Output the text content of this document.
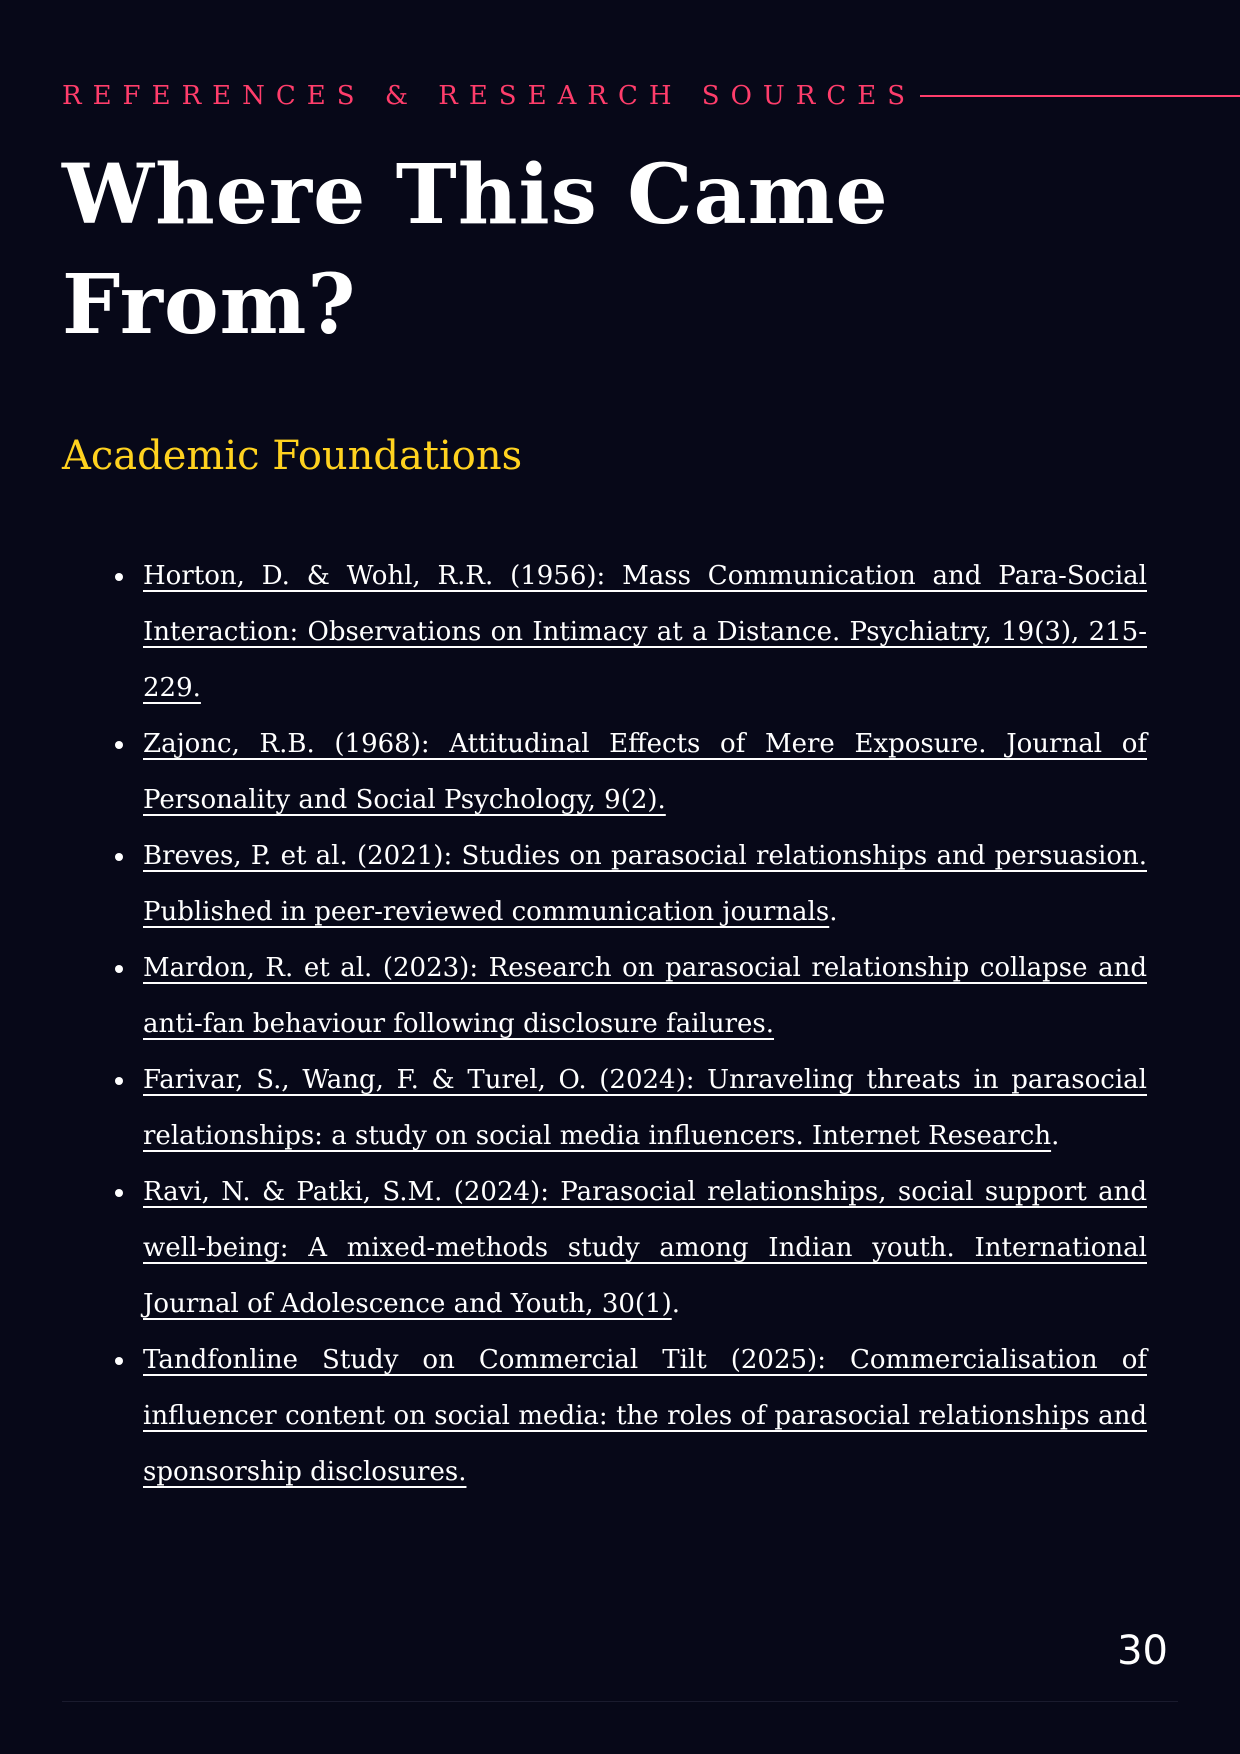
REFERENCES & RESEARCH SOURCES
Where This Came From?
Academic Foundations
Horton, D. & Wohl, R.R. (1956): Mass Communication and Para-Social Interaction: Observations on Intimacy at a Distance. Psychiatry, 19(3), 215-229.
Zajonc, R.B. (1968): Attitudinal Effects of Mere Exposure. Journal of Personality and Social Psychology, 9(2).
Breves, P. et al. (2021): Studies on parasocial relationships and persuasion. Published in peer-reviewed communication journals.
Mardon, R. et al. (2023): Research on parasocial relationship collapse and anti-fan behaviour following disclosure failures.
Farivar, S., Wang, F. & Turel, O. (2024): Unraveling threats in parasocial relationships: a study on social media influencers. Internet Research.
Ravi, N. & Patki, S.M. (2024): Parasocial relationships, social support and well-being: A mixed-methods study among Indian youth. International Journal of Adolescence and Youth, 30(1).
Tandfonline Study on Commercial Tilt (2025): Commercialisation of influencer content on social media: the roles of parasocial relationships and sponsorship disclosures.
30
